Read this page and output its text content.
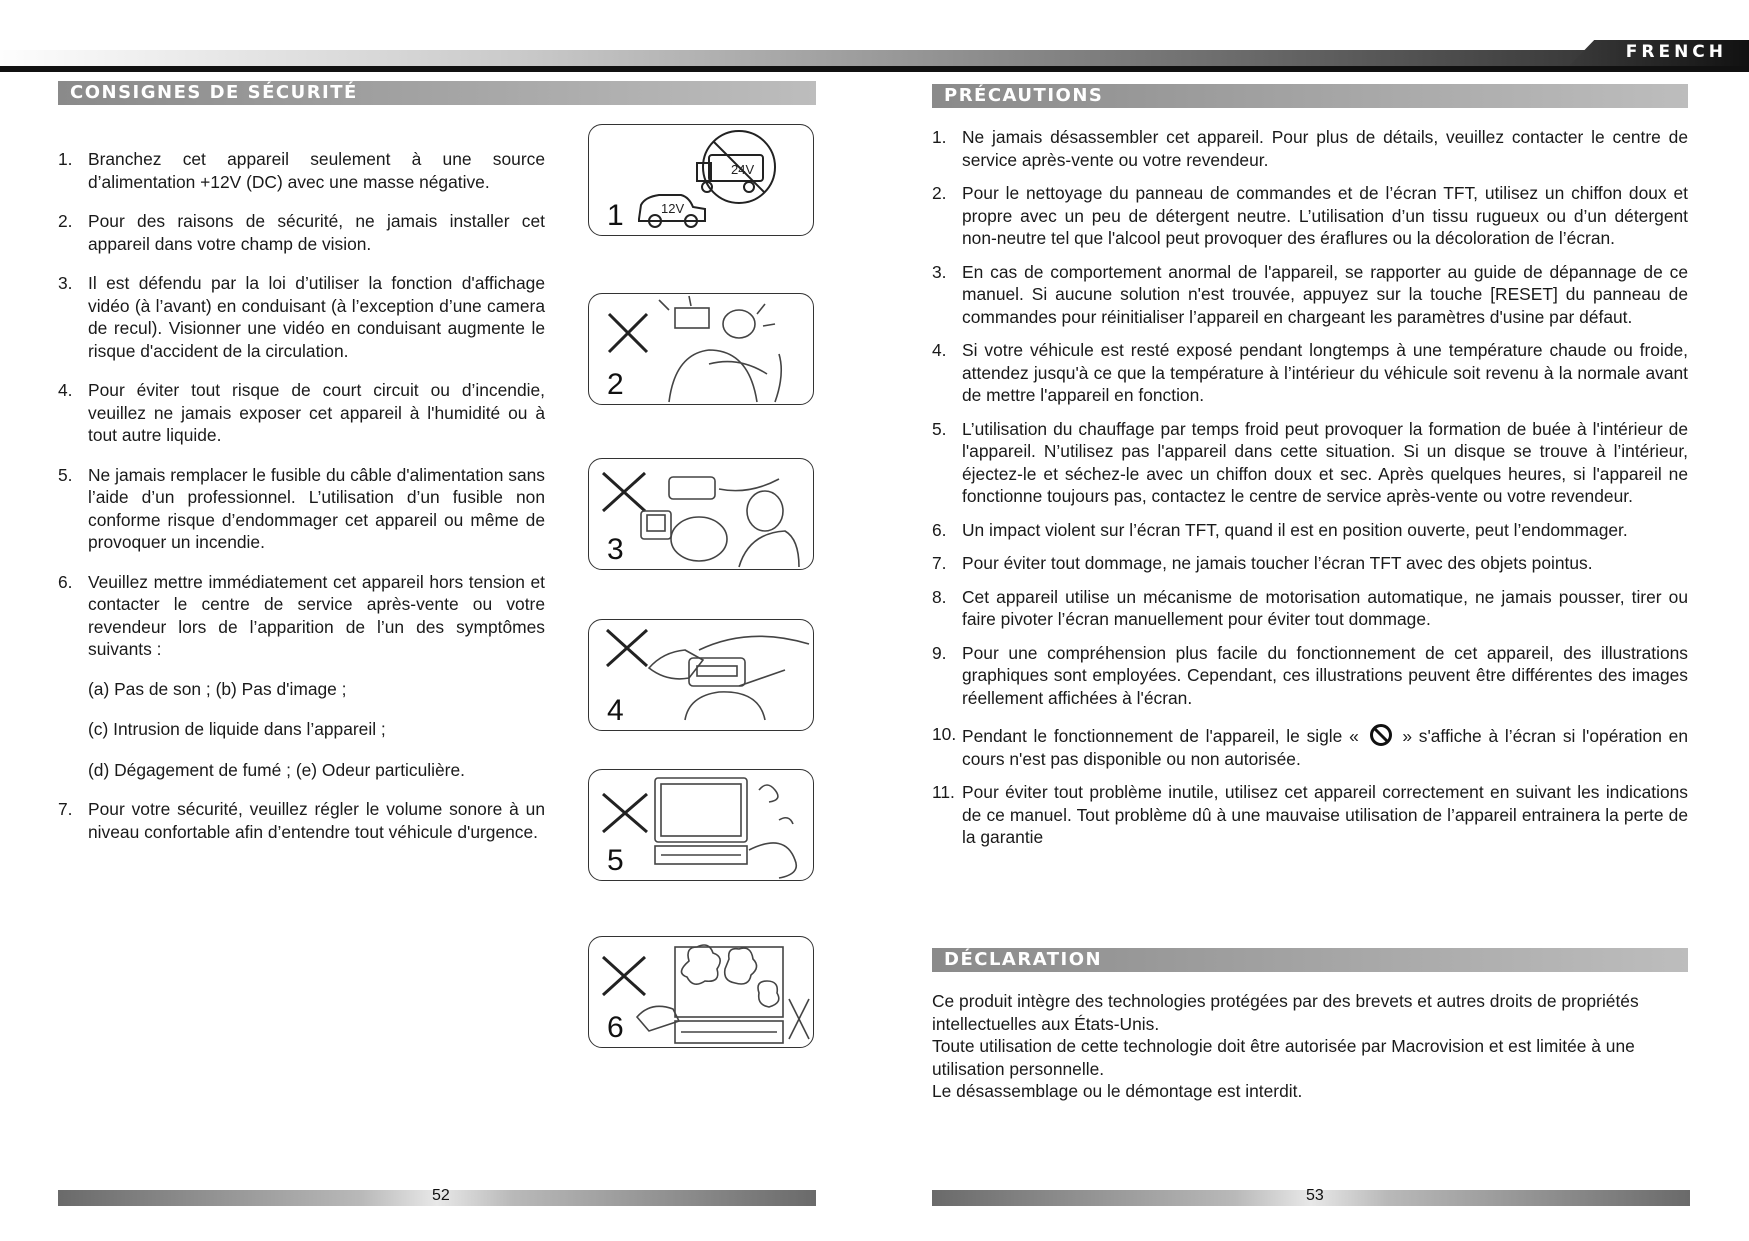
FRENCH
CONSIGNES DE SÉCURITÉ
1. Branchez cet appareil seulement à une source d’alimentation +12V (DC) avec une masse négative.
2. Pour des raisons de sécurité, ne jamais installer cet appareil dans votre champ de vision.
3. Il est défendu par la loi d’utiliser la fonction d'affichage vidéo (à l’avant) en conduisant (à l’exception d’une camera de recul). Visionner une vidéo en conduisant augmente le risque d'accident de la circulation.
4. Pour éviter tout risque de court circuit ou d’incendie, veuillez ne jamais exposer cet appareil à l'humidité ou à tout autre liquide.
5. Ne jamais remplacer le fusible du câble d'alimentation sans l’aide d’un professionnel. L’utilisation d’un fusible non conforme risque d’endommager cet appareil ou même de provoquer un incendie.
6. Veuillez mettre immédiatement cet appareil hors tension et contacter le centre de service après-vente ou votre revendeur lors de l’apparition de l’un des symptômes suivants :
(a) Pas de son ; (b) Pas d'image ;
(c) Intrusion de liquide dans l’appareil ;
(d) Dégagement de fumé ; (e) Odeur particulière.
7. Pour votre sécurité, veuillez régler le volume sonore à un niveau confortable afin d’entendre tout véhicule d'urgence.
24V
12V
1
2
3
4
5
6
52
PRÉCAUTIONS
1. Ne jamais désassembler cet appareil. Pour plus de détails, veuillez contacter le centre de service après-vente ou votre revendeur.
2. Pour le nettoyage du panneau de commandes et de l’écran TFT, utilisez un chiffon doux et propre avec un peu de détergent neutre. L’utilisation d’un tissu rugueux ou d’un détergent non-neutre tel que l'alcool peut provoquer des éraflures ou la décoloration de l’écran.
3. En cas de comportement anormal de l'appareil, se rapporter au guide de dépannage de ce manuel. Si aucune solution n'est trouvée, appuyez sur la touche [RESET] du panneau de commandes pour réinitialiser l’appareil en chargeant les paramètres d'usine par défaut.
4. Si votre véhicule est resté exposé pendant longtemps à une température chaude ou froide, attendez jusqu'à ce que la température à l’intérieur du véhicule soit revenu à la normale avant de mettre l'appareil en fonction.
5. L’utilisation du chauffage par temps froid peut provoquer la formation de buée à l'intérieur de l'appareil. N’utilisez pas l'appareil dans cette situation. Si un disque se trouve à l’intérieur, éjectez-le et séchez-le avec un chiffon doux et sec. Après quelques heures, si l'appareil ne fonctionne toujours pas, contactez le centre de service après-vente ou votre revendeur.
6. Un impact violent sur l’écran TFT, quand il est en position ouverte, peut l’endommager.
7. Pour éviter tout dommage, ne jamais toucher l’écran TFT avec des objets pointus.
8. Cet appareil utilise un mécanisme de motorisation automatique, ne jamais pousser, tirer ou faire pivoter l’écran manuellement pour éviter tout dommage.
9. Pour une compréhension plus facile du fonctionnement de cet appareil, des illustrations graphiques sont employées. Cependant, ces illustrations peuvent être différentes des images réellement affichées à l'écran.
10. Pendant le fonctionnement de l'appareil, le sigle «	» s'affiche à l’écran si l'opération en cours n'est pas disponible ou non autorisée.
11. Pour éviter tout problème inutile, utilisez cet appareil correctement en suivant les indications de ce manuel. Tout problème dû à une mauvaise utilisation de l’appareil entrainera la perte de la garantie
DÉCLARATION
Ce produit intègre des technologies protégées par des brevets et autres droits de propriétés intellectuelles aux États-Unis.
Toute utilisation de cette technologie doit être autorisée par Macrovision et est limitée à une utilisation personnelle.
Le désassemblage ou le démontage est interdit.
53
